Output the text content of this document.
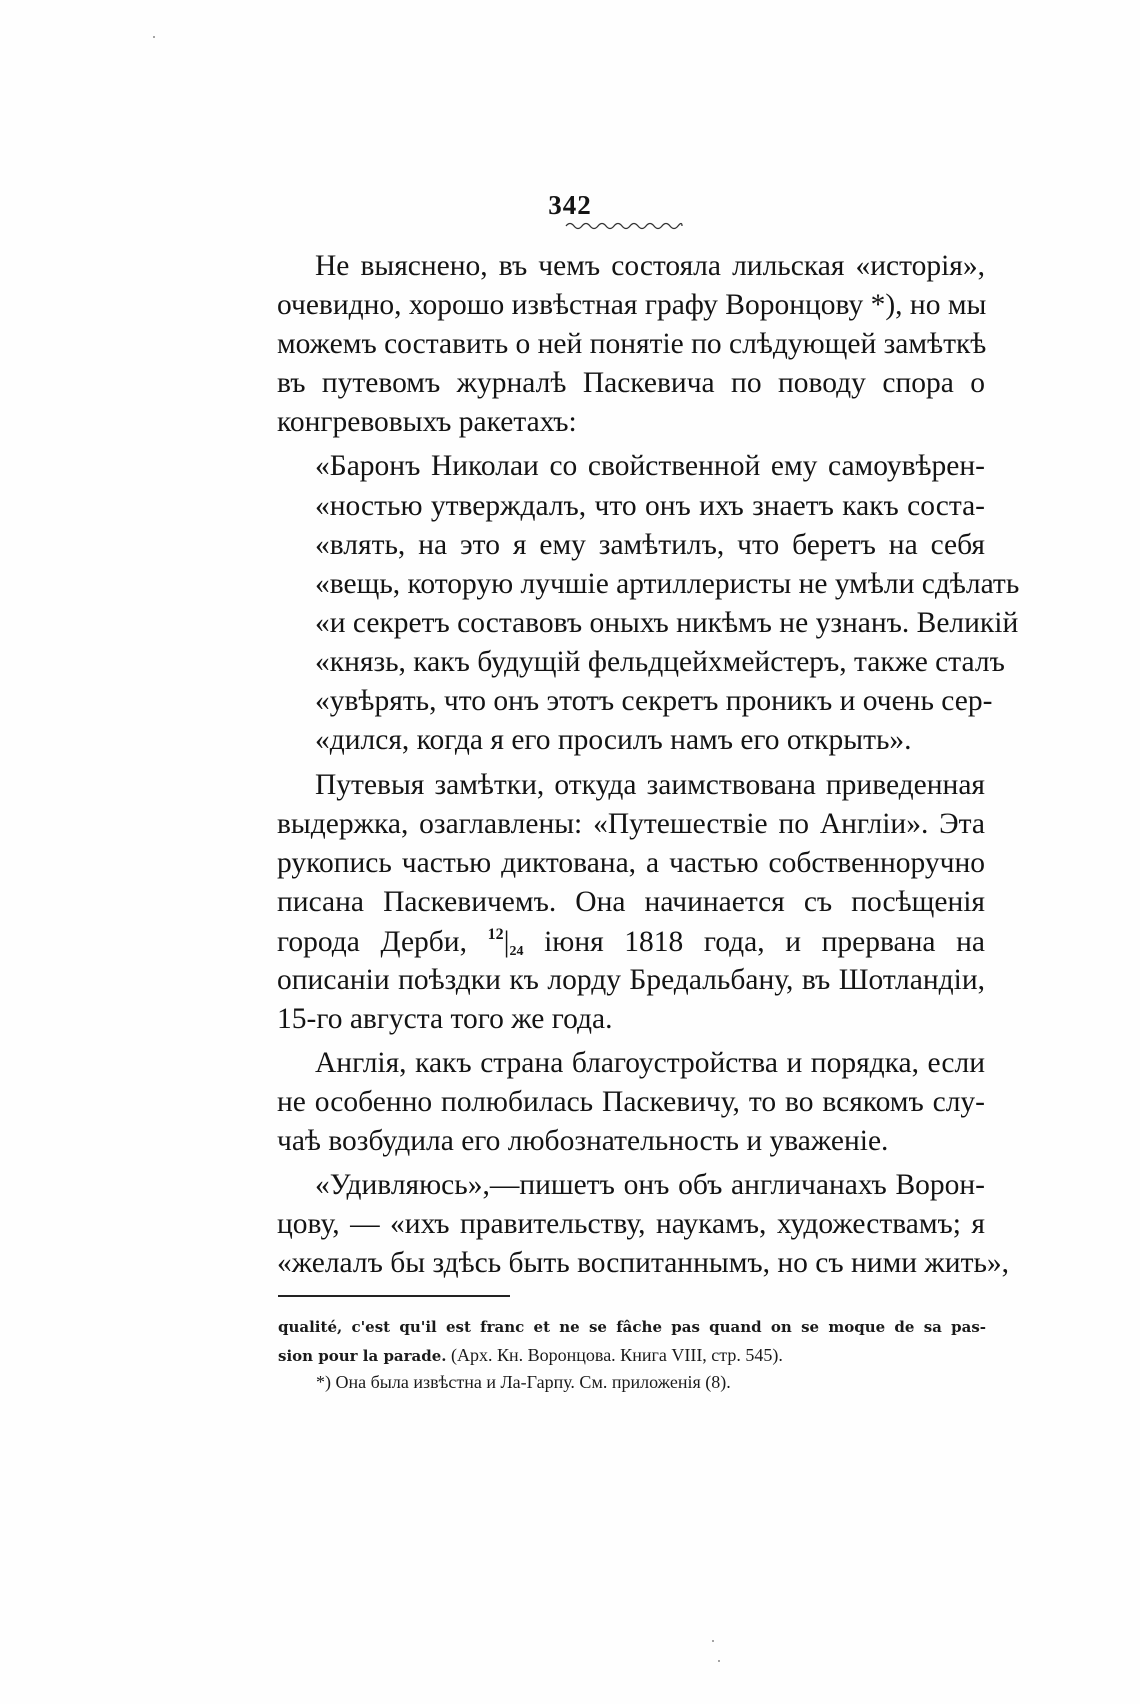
342
Не выяснено, въ чемъ состояла лильская «исторія»,
очевидно, хорошо извѣстная графу Воронцову *), но мы
можемъ составить о ней понятіе по слѣдующей замѣткѣ
въ путевомъ журналѣ Паскевича по поводу спора о
конгревовыхъ ракетахъ:
«Баронъ Николаи со свойственной ему самоувѣрен-
«ностью утверждалъ, что онъ ихъ знаетъ какъ соста-
«влять, на это я ему замѣтилъ, что беретъ на себя
«вещь, которую лучшіе артиллеристы не умѣли сдѣлать
«и секретъ составовъ оныхъ никѣмъ не узнанъ. Великій
«князь, какъ будущій фельдцейхмейстеръ, также сталъ
«увѣрять, что онъ этотъ секретъ проникъ и очень сер-
«дился, когда я его просилъ намъ его открыть».
Путевыя замѣтки, откуда заимствована приведенная
выдержка, озаглавлены: «Путешествіе по Англіи». Эта
рукопись частью диктована, а частью собственноручно
писана Паскевичемъ. Она начинается съ посѣщенія
города Дерби, $^{12}|_{24}$ іюня 1818 года, и прервана на
описаніи поѣздки къ лорду Бредальбану, въ Шотландіи,
15-го августа того же года.
Англія, какъ страна благоустройства и порядка, если
не особенно полюбилась Паскевичу, то во всякомъ слу-
чаѣ возбудила его любознательность и уваженіе.
«Удивляюсь»,—пишетъ онъ объ англичанахъ Ворон-
цову, — «ихъ правительству, наукамъ, художествамъ; я
«желалъ бы здѣсь быть воспитаннымъ, но съ ними жить»,
qualité, c'est qu'il est franc et ne se fâche pas quand on se moque de sa pas-
sion pour la parade. (Арх. Кн. Воронцова. Книга VIII, стр. 545).
*) Она была извѣстна и Ла-Гарпу. См. приложенія (8).
